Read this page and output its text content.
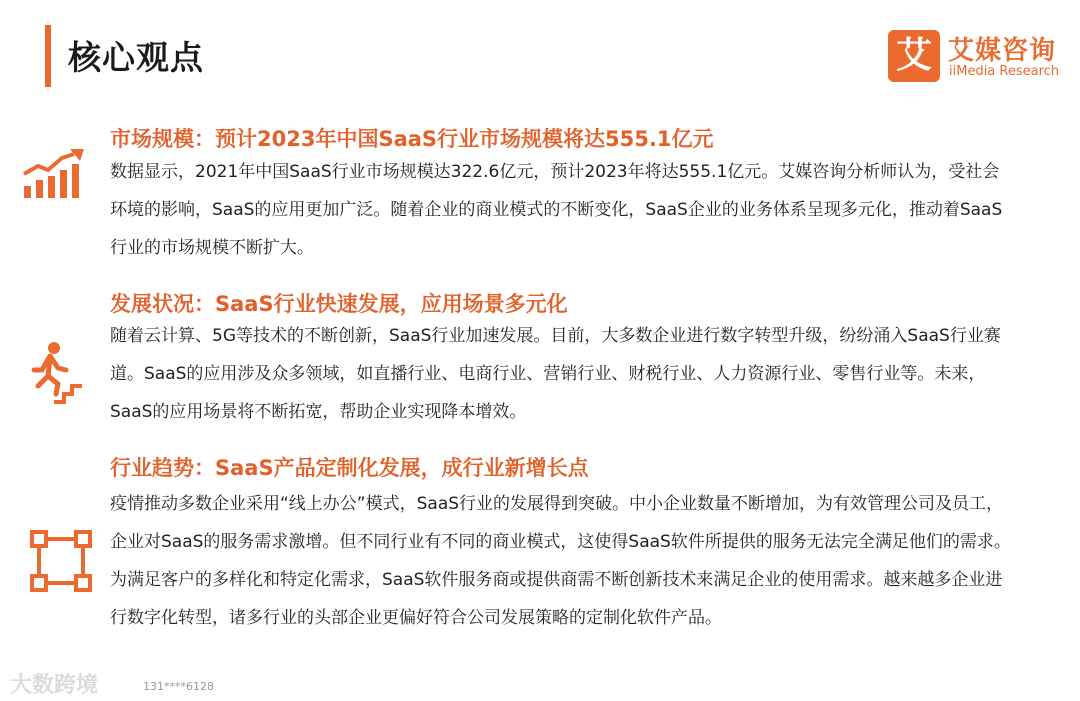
核心观点	艾 艾媒咨询
iiMedia Research
市场规模：预计2023年中国SaaS行业市场规模将达555.1亿元
数据显示，2021年中国SaaS行业市场规模达322.6亿元，预计2023年将达555.1亿元。艾媒咨询分析师认为，受社会环境的影响，SaaS的应用更加广泛。随着企业的商业模式的不断变化，SaaS企业的业务体系呈现多元化，推动着SaaS行业的市场规模不断扩大。
发展状况：SaaS行业快速发展，应用场景多元化
随着云计算、5G等技术的不断创新，SaaS行业加速发展。目前，大多数企业进行数字转型升级，纷纷涌入SaaS行业赛道。SaaS的应用涉及众多领域，如直播行业、电商行业、营销行业、财税行业、人力资源行业、零售行业等。未来，SaaS的应用场景将不断拓宽，帮助企业实现降本增效。
行业趋势：SaaS产品定制化发展，成行业新增长点
疫情推动多数企业采用“线上办公”模式，SaaS行业的发展得到突破。中小企业数量不断增加，为有效管理公司及员工，企业对SaaS的服务需求激增。但不同行业有不同的商业模式，这使得SaaS软件所提供的服务无法完全满足他们的需求。为满足客户的多样化和特定化需求，SaaS软件服务商或提供商需不断创新技术来满足企业的使用需求。越来越多企业进行数字化转型，诸多行业的头部企业更偏好符合公司发展策略的定制化软件产品。
大数跨境	131****6128
